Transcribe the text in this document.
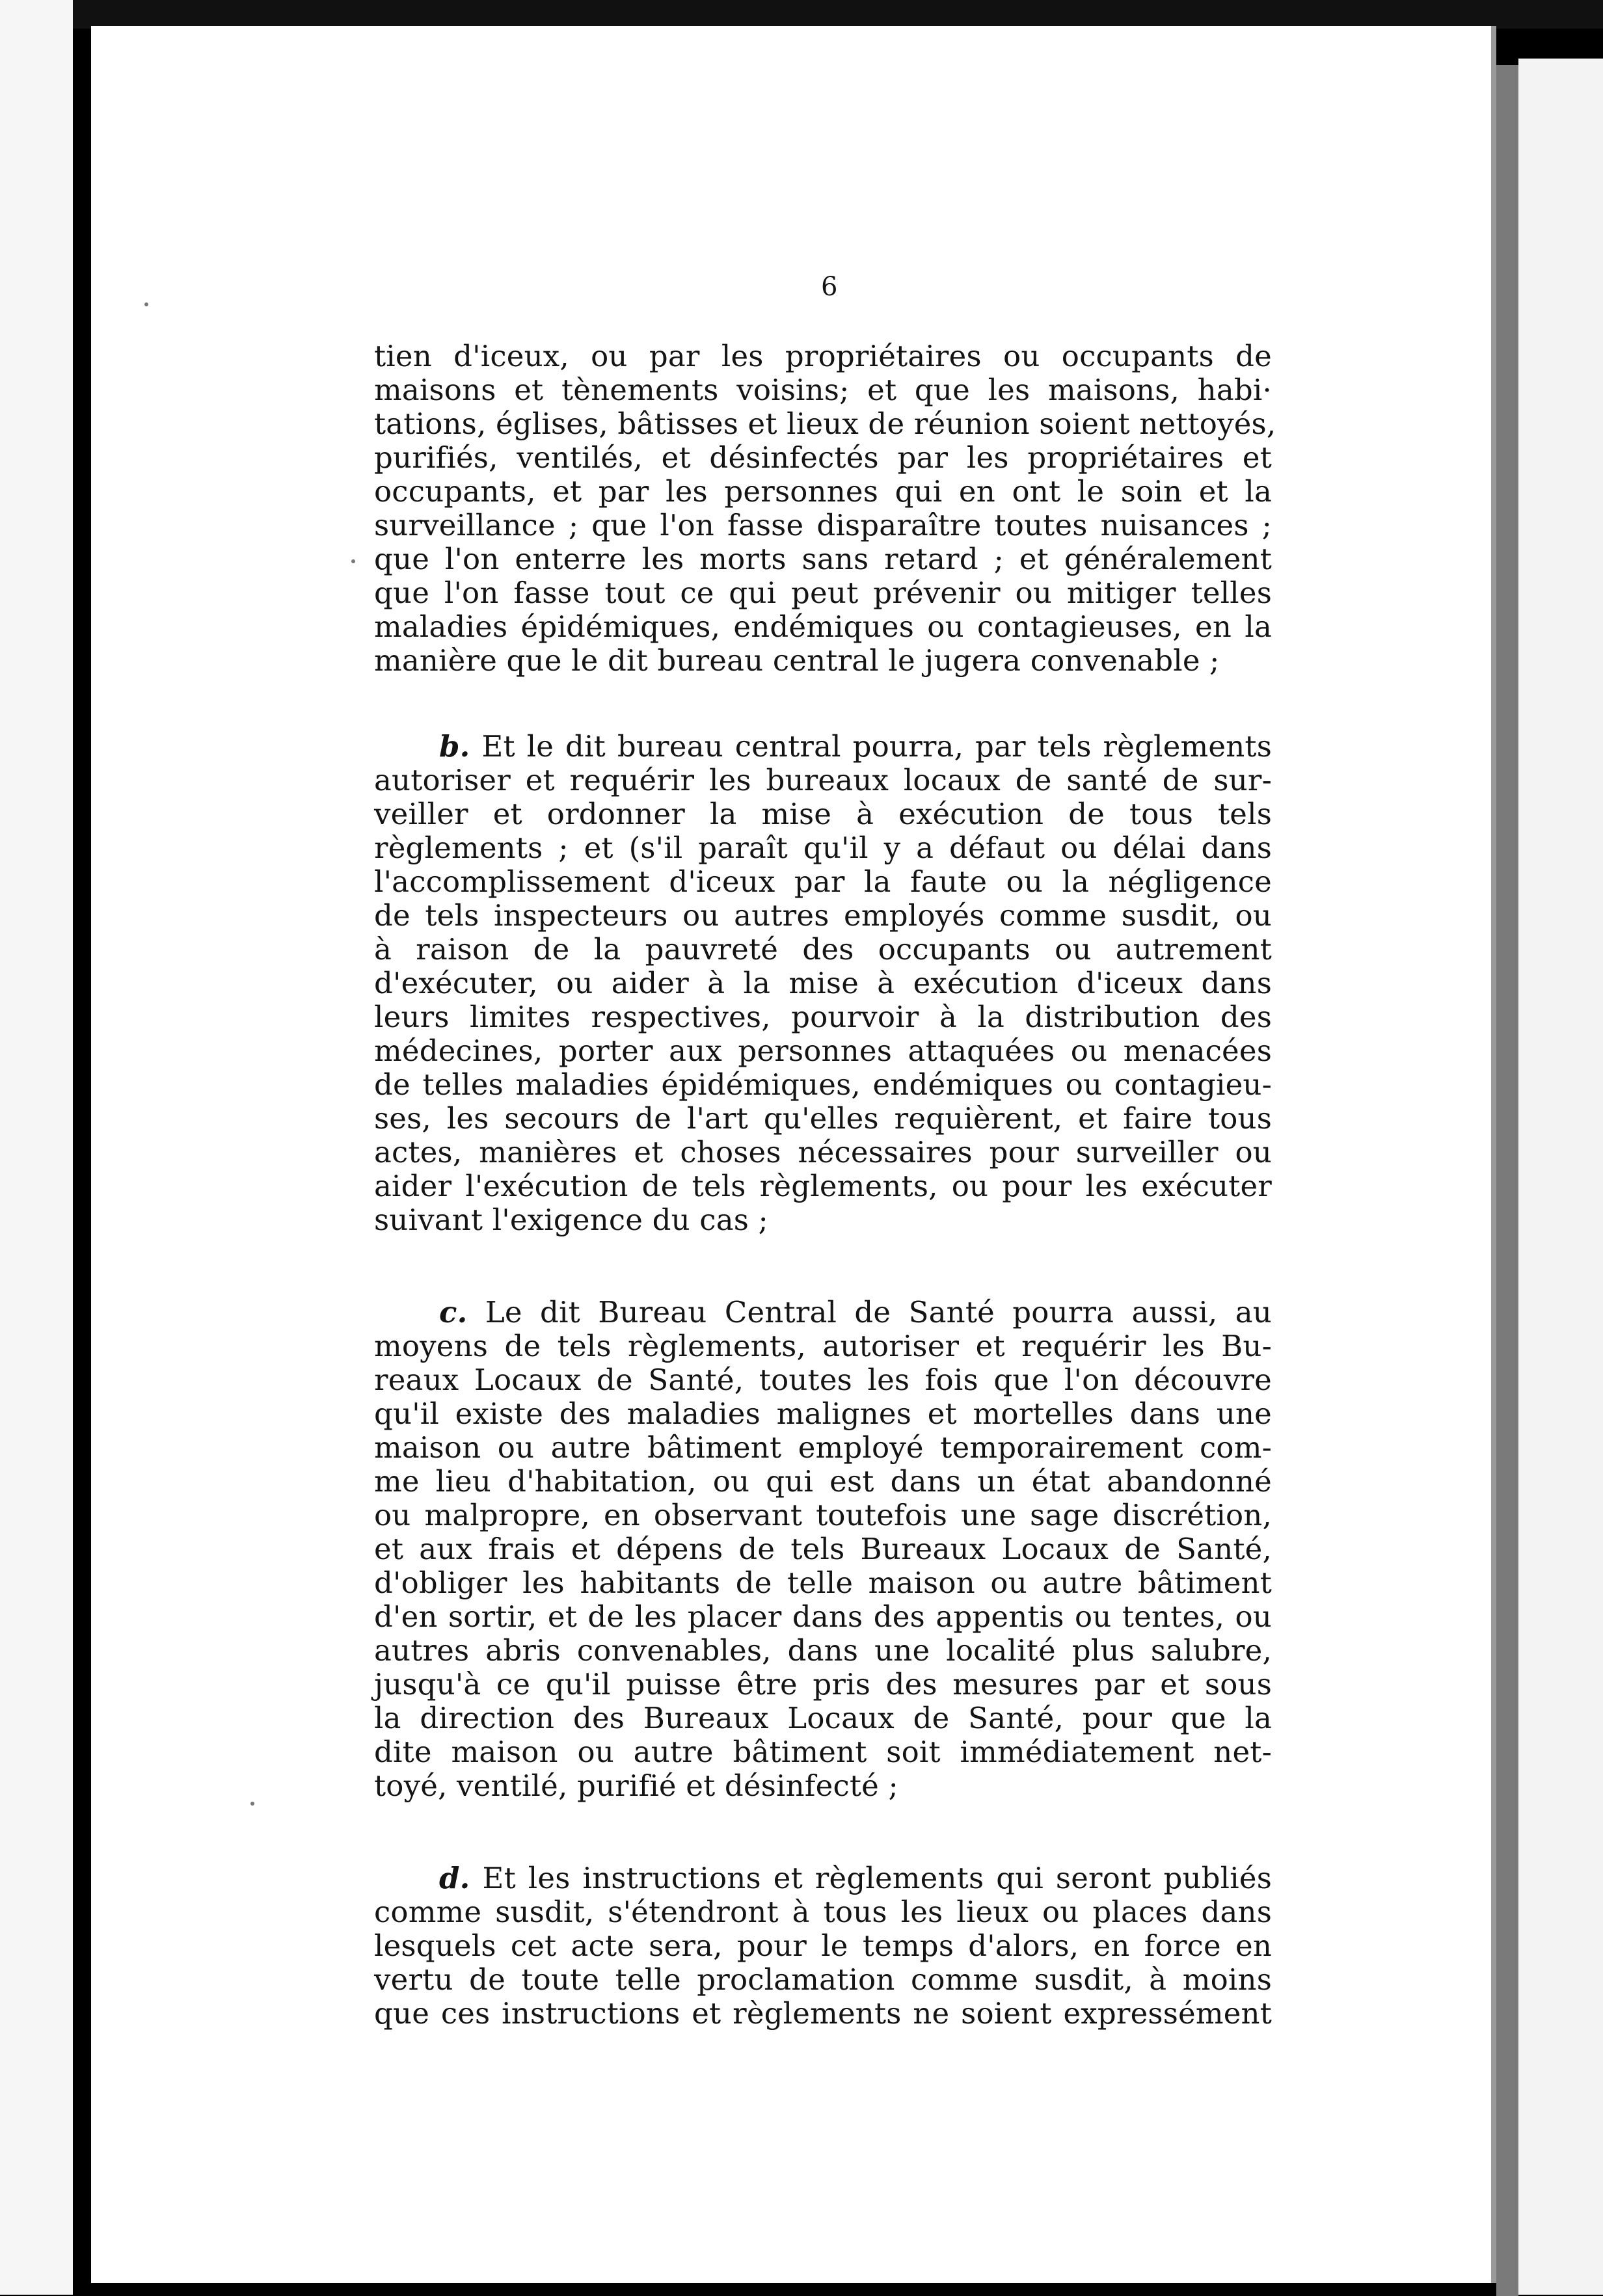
6
tien d'iceux, ou par les propriétaires ou occupants de
maisons et tènements voisins; et que les maisons, habi·
tations, églises, bâtisses et lieux de réunion soient nettoyés,
purifiés, ventilés, et désinfectés par les propriétaires et
occupants, et par les personnes qui en ont le soin et la
surveillance ; que l'on fasse disparaître toutes nuisances ;
que l'on enterre les morts sans retard ; et généralement
que l'on fasse tout ce qui peut prévenir ou mitiger telles
maladies épidémiques, endémiques ou contagieuses, en la
manière que le dit bureau central le jugera convenable ;
b. Et le dit bureau central pourra, par tels règlements
autoriser et requérir les bureaux locaux de santé de sur-
veiller et ordonner la mise à exécution de tous tels
règlements ; et (s'il paraît qu'il y a défaut ou délai dans
l'accomplissement d'iceux par la faute ou la négligence
de tels inspecteurs ou autres employés comme susdit, ou
à raison de la pauvreté des occupants ou autrement
d'exécuter, ou aider à la mise à exécution d'iceux dans
leurs limites respectives, pourvoir à la distribution des
médecines, porter aux personnes attaquées ou menacées
de telles maladies épidémiques, endémiques ou contagieu-
ses, les secours de l'art qu'elles requièrent, et faire tous
actes, manières et choses nécessaires pour surveiller ou
aider l'exécution de tels règlements, ou pour les exécuter
suivant l'exigence du cas ;
c. Le dit Bureau Central de Santé pourra aussi, au
moyens de tels règlements, autoriser et requérir les Bu-
reaux Locaux de Santé, toutes les fois que l'on découvre
qu'il existe des maladies malignes et mortelles dans une
maison ou autre bâtiment employé temporairement com-
me lieu d'habitation, ou qui est dans un état abandonné
ou malpropre, en observant toutefois une sage discrétion,
et aux frais et dépens de tels Bureaux Locaux de Santé,
d'obliger les habitants de telle maison ou autre bâtiment
d'en sortir, et de les placer dans des appentis ou tentes, ou
autres abris convenables, dans une localité plus salubre,
jusqu'à ce qu'il puisse être pris des mesures par et sous
la direction des Bureaux Locaux de Santé, pour que la
dite maison ou autre bâtiment soit immédiatement net-
toyé, ventilé, purifié et désinfecté ;
d. Et les instructions et règlements qui seront publiés
comme susdit, s'étendront à tous les lieux ou places dans
lesquels cet acte sera, pour le temps d'alors, en force en
vertu de toute telle proclamation comme susdit, à moins
que ces instructions et règlements ne soient expressément
